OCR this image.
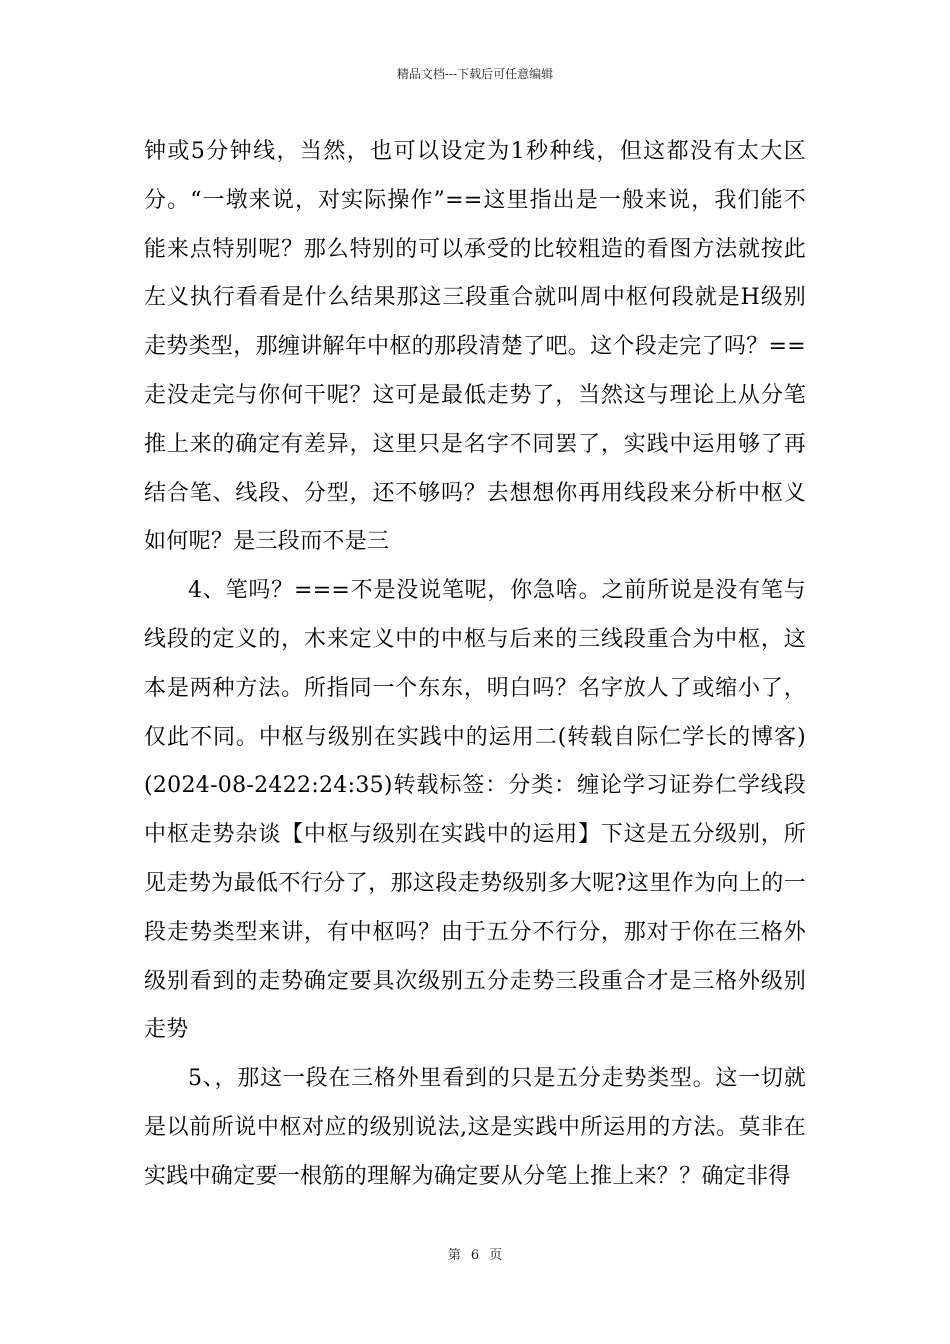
精品文档---下载后可任意编辑

钟或5分钟线，当然，也可以设定为1秒种线，但这都没有太大区分。“一墩来说，对实际操作”==这里指出是一般来说，我们能不能来点特别呢？那么特别的可以承受的比较粗造的看图方法就按此左义执行看看是什么结果那这三段重合就叫周中枢何段就是H级别走势类型，那缠讲解年中枢的那段清楚了吧。这个段走完了吗？==走没走完与你何干呢？这可是最低走势了，当然这与理论上从分笔推上来的确定有差异，这里只是名字不同罢了，实践中运用够了再结合笔、线段、分型，还不够吗？去想想你再用线段来分析中枢义如何呢？是三段而不是三

4、笔吗？===不是没说笔呢，你急啥。之前所说是没有笔与线段的定义的，木来定义中的中枢与后来的三线段重合为中枢，这本是两种方法。所指同一个东东，明白吗？名字放人了或缩小了，仅此不同。中枢与级别在实践中的运用二(转载自际仁学长的博客)(2024-08-2422:24:35)转载标签：分类：缠论学习证券仁学线段中枢走势杂谈【中枢与级别在实践中的运用】下这是五分级别，所见走势为最低不行分了，那这段走势级别多大呢?这里作为向上的一段走势类型来讲，有中枢吗？由于五分不行分，那对于你在三格外级别看到的走势确定要具次级别五分走势三段重合才是三格外级别走势

5、，那这一段在三格外里看到的只是五分走势类型。这一切就是以前所说中枢对应的级别说法,这是实践中所运用的方法。莫非在实践中确定要一根筋的理解为确定要从分笔上推上来？？确定非得

第 6 页
